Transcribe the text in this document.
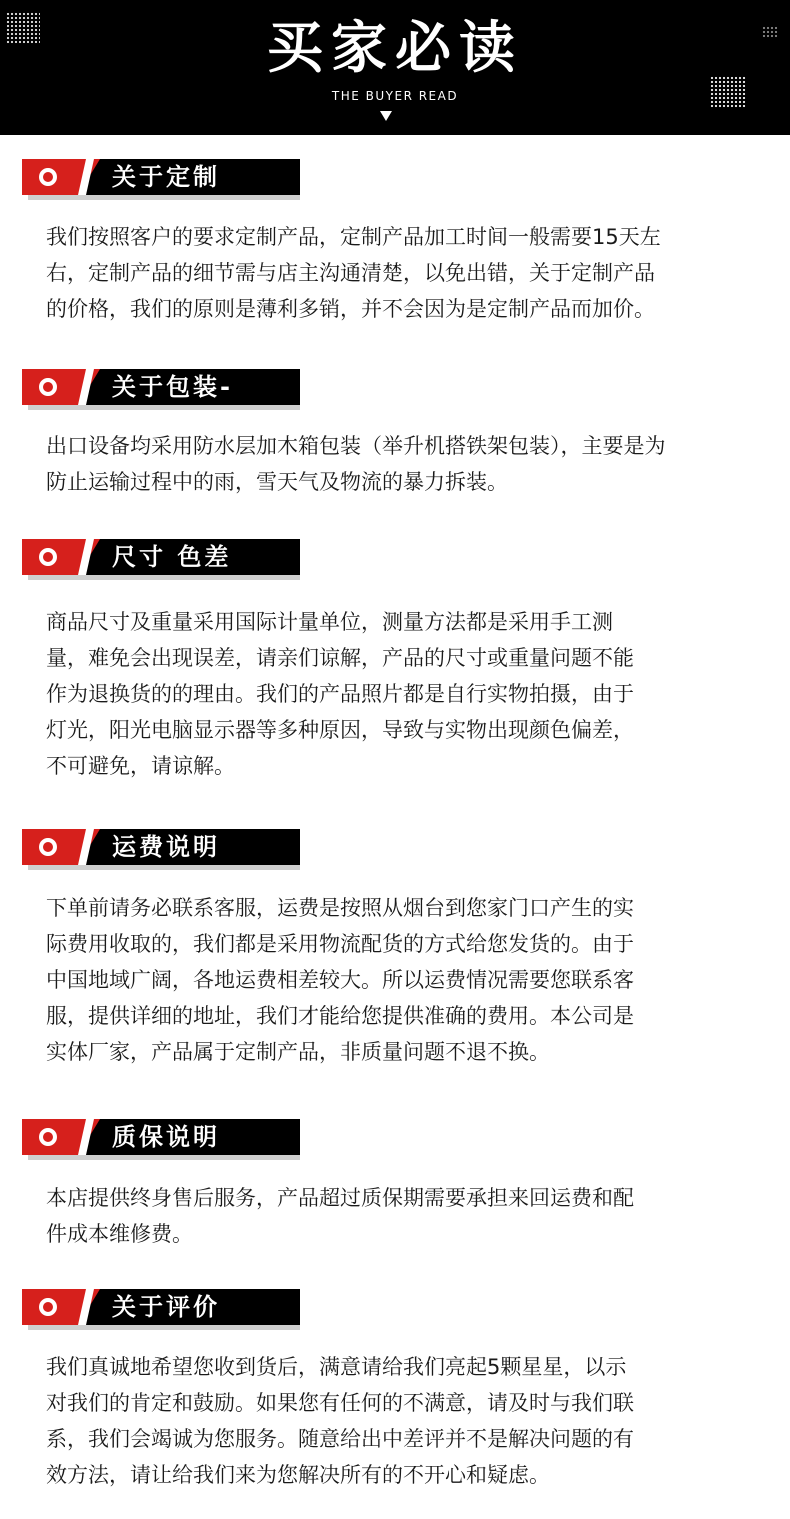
买家必读
THE BUYER READ
关于定制
我们按照客户的要求定制产品，定制产品加工时间一般需要15天左
右，定制产品的细节需与店主沟通清楚，以免出错，关于定制产品
的价格，我们的原则是薄利多销，并不会因为是定制产品而加价。
关于包装-
出口设备均采用防水层加木箱包装（举升机搭铁架包装），主要是为
防止运输过程中的雨，雪天气及物流的暴力拆装。
尺寸 色差
商品尺寸及重量采用国际计量单位，测量方法都是采用手工测
量，难免会出现误差，请亲们谅解，产品的尺寸或重量问题不能
作为退换货的的理由。我们的产品照片都是自行实物拍摄，由于
灯光，阳光电脑显示器等多种原因，导致与实物出现颜色偏差，
不可避免，请谅解。
运费说明
下单前请务必联系客服，运费是按照从烟台到您家门口产生的实
际费用收取的，我们都是采用物流配货的方式给您发货的。由于
中国地域广阔，各地运费相差较大。所以运费情况需要您联系客
服，提供详细的地址，我们才能给您提供准确的费用。本公司是
实体厂家，产品属于定制产品，非质量问题不退不换。
质保说明
本店提供终身售后服务，产品超过质保期需要承担来回运费和配
件成本维修费。
关于评价
我们真诚地希望您收到货后，满意请给我们亮起5颗星星，以示
对我们的肯定和鼓励。如果您有任何的不满意，请及时与我们联
系，我们会竭诚为您服务。随意给出中差评并不是解决问题的有
效方法，请让给我们来为您解决所有的不开心和疑虑。
